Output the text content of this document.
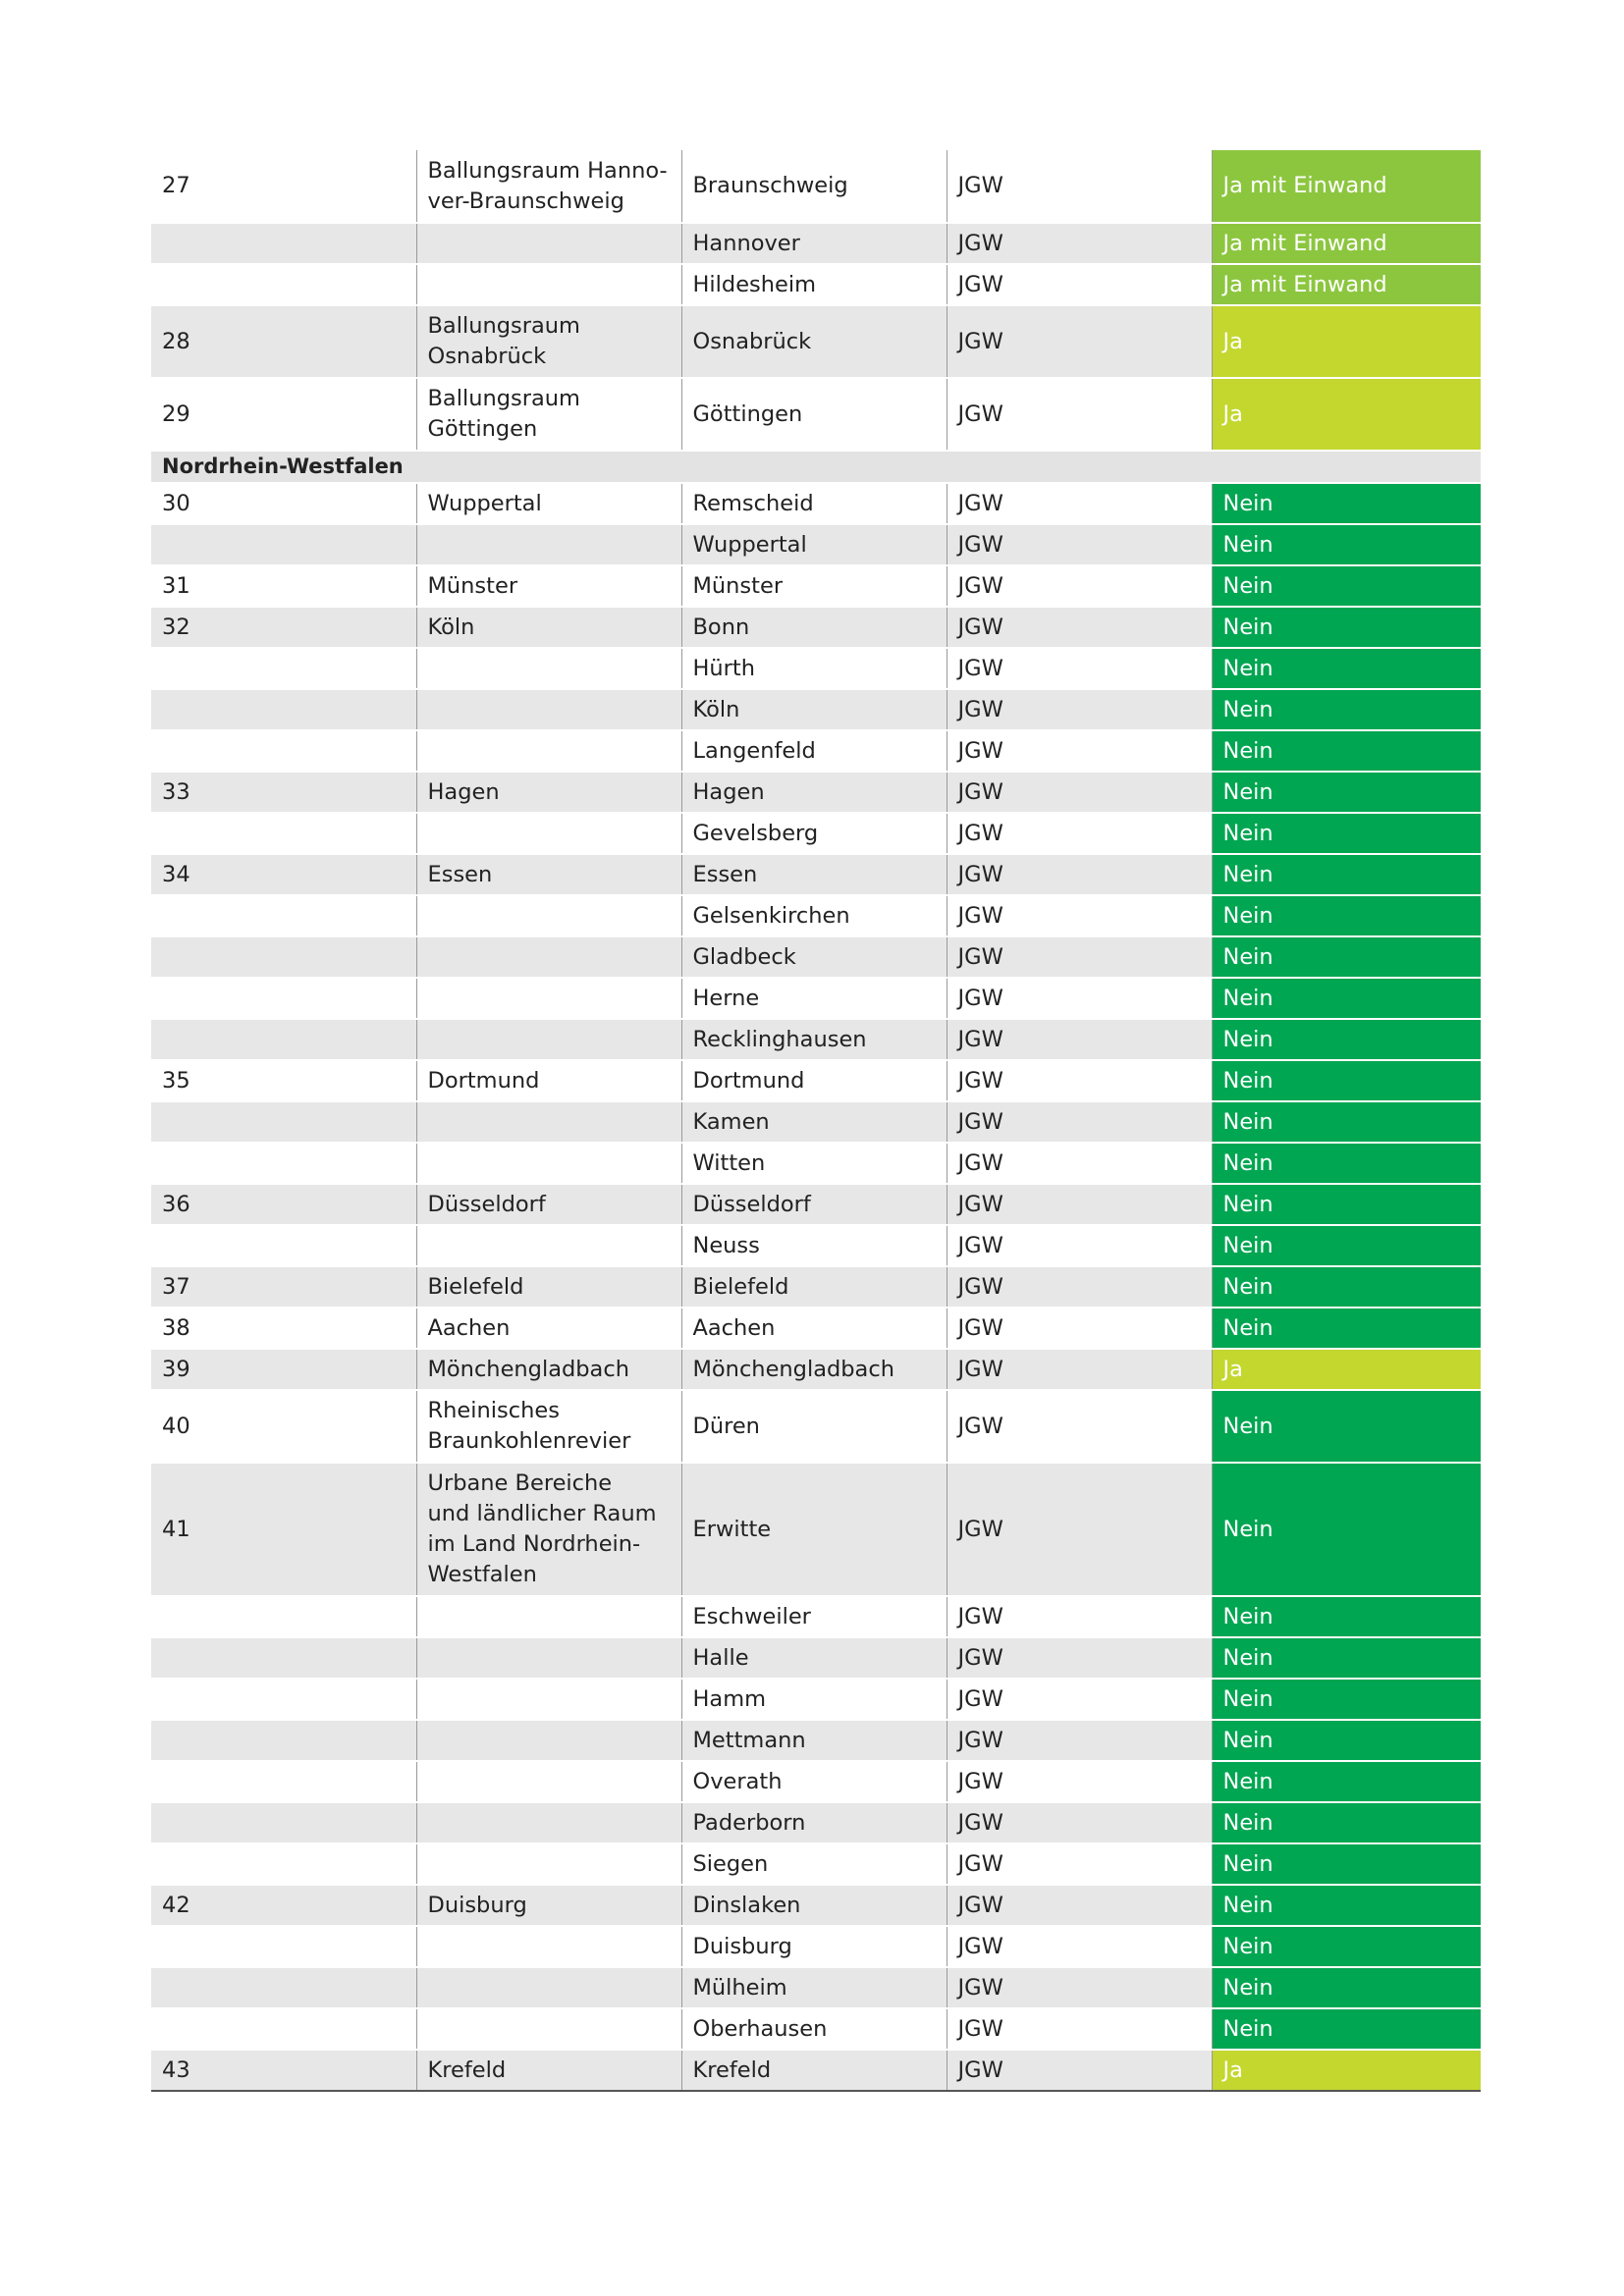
27	Ballungsraum Hanno-
ver-Braunschweig	Braunschweig	JGW	Ja mit Einwand
		Hannover	JGW	Ja mit Einwand
		Hildesheim	JGW	Ja mit Einwand
28	Ballungsraum
Osnabrück	Osnabrück	JGW	Ja
29	Ballungsraum
Göttingen	Göttingen	JGW	Ja
Nordrhein-Westfalen				
30	Wuppertal	Remscheid	JGW	Nein
		Wuppertal	JGW	Nein
31	Münster	Münster	JGW	Nein
32	Köln	Bonn	JGW	Nein
		Hürth	JGW	Nein
		Köln	JGW	Nein
		Langenfeld	JGW	Nein
33	Hagen	Hagen	JGW	Nein
		Gevelsberg	JGW	Nein
34	Essen	Essen	JGW	Nein
		Gelsenkirchen	JGW	Nein
		Gladbeck	JGW	Nein
		Herne	JGW	Nein
		Recklinghausen	JGW	Nein
35	Dortmund	Dortmund	JGW	Nein
		Kamen	JGW	Nein
		Witten	JGW	Nein
36	Düsseldorf	Düsseldorf	JGW	Nein
		Neuss	JGW	Nein
37	Bielefeld	Bielefeld	JGW	Nein
38	Aachen	Aachen	JGW	Nein
39	Mönchengladbach	Mönchengladbach	JGW	Ja
40	Rheinisches
Braunkohlenrevier	Düren	JGW	Nein
41	Urbane Bereiche
und ländlicher Raum
im Land Nordrhein-
Westfalen	Erwitte	JGW	Nein
		Eschweiler	JGW	Nein
		Halle	JGW	Nein
		Hamm	JGW	Nein
		Mettmann	JGW	Nein
		Overath	JGW	Nein
		Paderborn	JGW	Nein
		Siegen	JGW	Nein
42	Duisburg	Dinslaken	JGW	Nein
		Duisburg	JGW	Nein
		Mülheim	JGW	Nein
		Oberhausen	JGW	Nein
43	Krefeld	Krefeld	JGW	Ja
